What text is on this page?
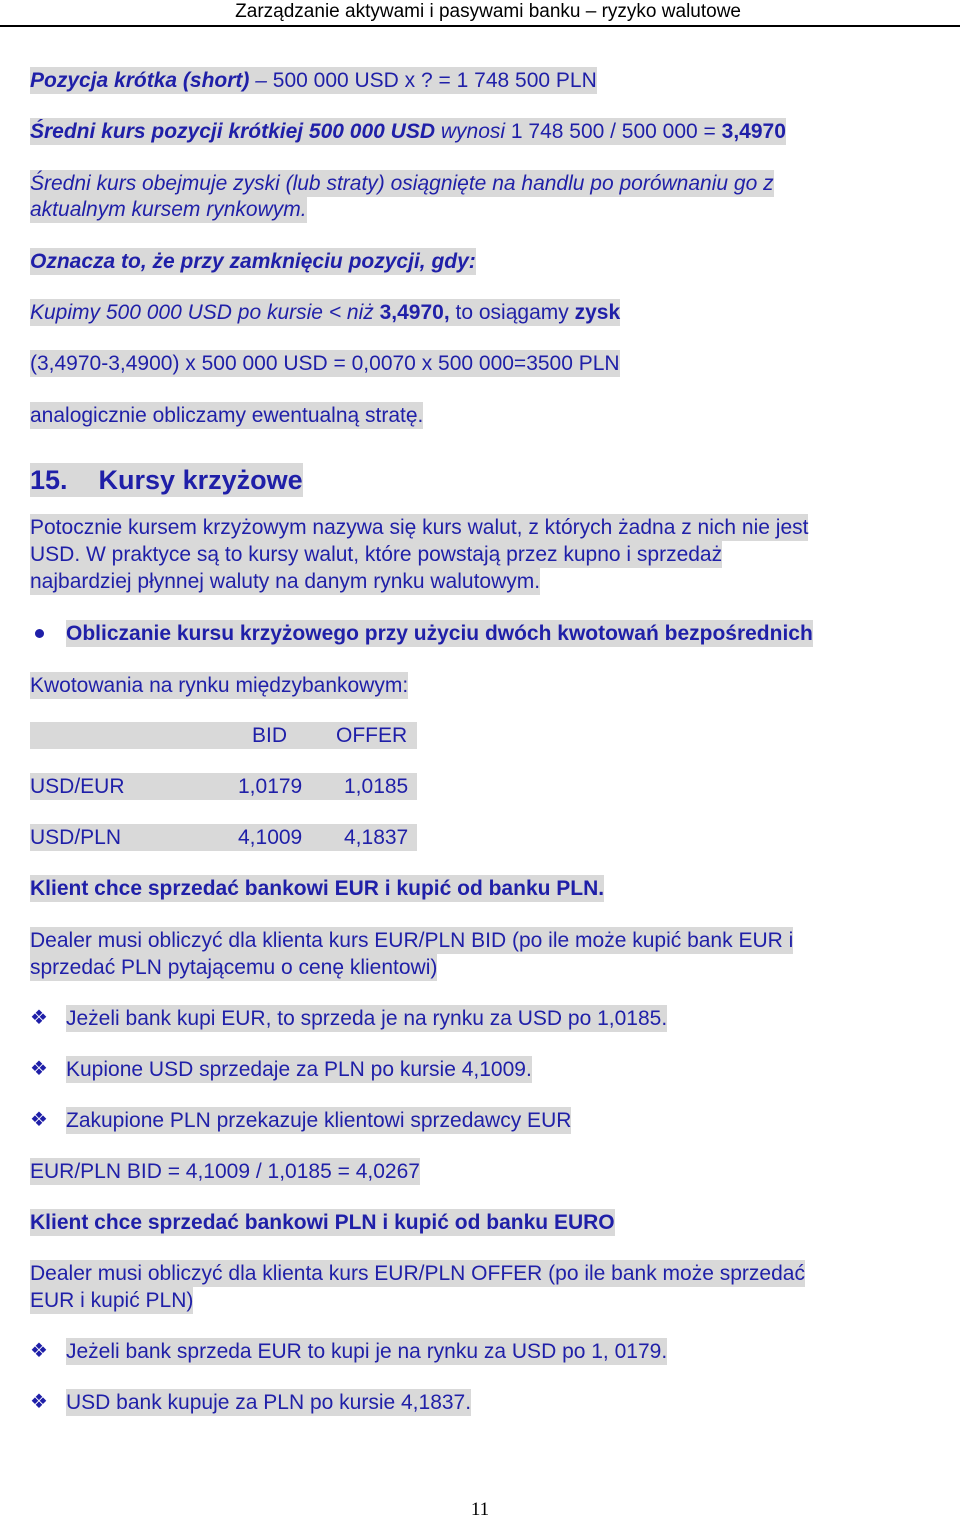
Zarządzanie aktywami i pasywami banku – ryzyko walutowe
Pozycja krótka (short) – 500 000 USD x ? = 1 748 500 PLN
Średni kurs pozycji krótkiej 500 000 USD wynosi 1 748 500 / 500 000 = 3,4970
Średni kurs obejmuje zyski (lub straty) osiągnięte na handlu po porównaniu go z
aktualnym kursem rynkowym.
Oznacza to, że przy zamknięciu pozycji, gdy:
Kupimy 500 000 USD po kursie < niż 3,4970, to osiągamy zysk
(3,4970-3,4900) x 500 000 USD = 0,0070 x 500 000=3500 PLN
analogicznie obliczamy ewentualną stratę.
15. Kursy krzyżowe
Potocznie kursem krzyżowym nazywa się kurs walut, z których żadna z nich nie jest
USD. W praktyce są to kursy walut, które powstają przez kupno i sprzedaż
najbardziej płynnej waluty na danym rynku walutowym.
Obliczanie kursu krzyżowego przy użyciu dwóch kwotowań bezpośrednich
Kwotowania na rynku międzybankowym:
BID OFFER
USD/EUR	1,0179 1,0185
USD/PLN	4,1009 4,1837
Klient chce sprzedać bankowi EUR i kupić od banku PLN.
Dealer musi obliczyć dla klienta kurs EUR/PLN BID (po ile może kupić bank EUR i
sprzedać PLN pytającemu o cenę klientowi)
❖ Jeżeli bank kupi EUR, to sprzeda je na rynku za USD po 1,0185.
❖ Kupione USD sprzedaje za PLN po kursie 4,1009.
❖ Zakupione PLN przekazuje klientowi sprzedawcy EUR
EUR/PLN BID = 4,1009 / 1,0185 = 4,0267
Klient chce sprzedać bankowi PLN i kupić od banku EURO
Dealer musi obliczyć dla klienta kurs EUR/PLN OFFER (po ile bank może sprzedać
EUR i kupić PLN)
❖ Jeżeli bank sprzeda EUR to kupi je na rynku za USD po 1, 0179.
❖ USD bank kupuje za PLN po kursie 4,1837.
11
